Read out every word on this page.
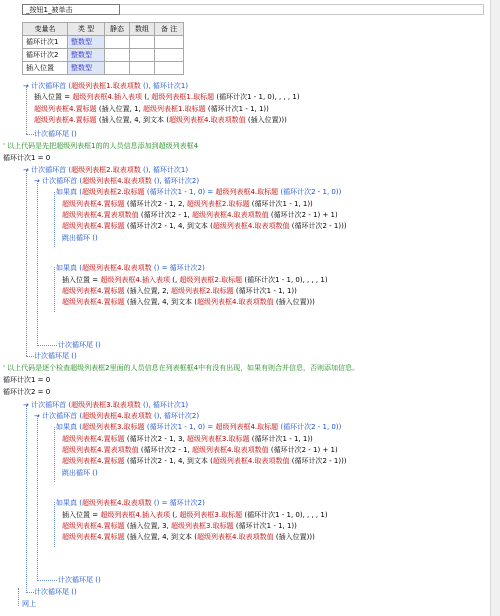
_按钮1_被单击
变量名	类 型	静态	数组	备 注
循环计次1	整数型			
循环计次2	整数型			
插入位置	整数型			
→ 计次循环首 (超级列表框1.取表项数 (), 循环计次1)
插入位置 = 超级列表框4.插入表项 (, 超级列表框1.取标题 (循环计次1 - 1, 0), , , , 1)
超级列表框4.置标题 (插入位置, 1, 超级列表框1.取标题 (循环计次1 - 1, 1))
超级列表框4.置标题 (插入位置, 4, 到文本 (超级列表框4.取表项数值 (插入位置)))
计次循环尾 ()
' 以上代码是先把超级列表框1的的人员信息添加到超级列表框4
循环计次1 = 0
→ 计次循环首 (超级列表框2.取表项数 (), 循环计次1)
→ 计次循环首 (超级列表框4.取表项数 (), 循环计次2)
如果真 (超级列表框2.取标题 (循环计次1 - 1, 0) = 超级列表框4.取标题 (循环计次2 - 1, 0))
超级列表框4.置标题 (循环计次2 - 1, 2, 超级列表框2.取标题 (循环计次1 - 1, 1))
超级列表框4.置表项数值 (循环计次2 - 1, 超级列表框4.取表项数值 (循环计次2 - 1) + 1)
超级列表框4.置标题 (循环计次2 - 1, 4, 到文本 (超级列表框4.取表项数值 (循环计次2 - 1)))
跳出循环 ()
如果真 (超级列表框4.取表项数 () = 循环计次2)
插入位置 = 超级列表框4.插入表项 (, 超级列表框2.取标题 (循环计次1 - 1, 0), , , , 1)
超级列表框4.置标题 (插入位置, 2, 超级列表框2.取标题 (循环计次1 - 1, 1))
超级列表框4.置标题 (插入位置, 4, 到文本 (超级列表框4.取表项数值 (插入位置)))
计次循环尾 ()
计次循环尾 ()
' 以上代码是逐个检查超级列表框2里面的人员信息在列表框框4中有没有出现，如果有则合并信息，否则添加信息。
循环计次1 = 0
循环计次2 = 0
→ 计次循环首 (超级列表框3.取表项数 (), 循环计次1)
→ 计次循环首 (超级列表框4.取表项数 (), 循环计次2)
如果真 (超级列表框3.取标题 (循环计次1 - 1, 0) = 超级列表框4.取标题 (循环计次2 - 1, 0))
超级列表框4.置标题 (循环计次2 - 1, 3, 超级列表框3.取标题 (循环计次1 - 1, 1))
超级列表框4.置表项数值 (循环计次2 - 1, 超级列表框4.取表项数值 (循环计次2 - 1) + 1)
超级列表框4.置标题 (循环计次2 - 1, 4, 到文本 (超级列表框4.取表项数值 (循环计次2 - 1)))
跳出循环 ()
如果真 (超级列表框4.取表项数 () = 循环计次2)
插入位置 = 超级列表框4.插入表项 (, 超级列表框3.取标题 (循环计次1 - 1, 0), , , , 1)
超级列表框4.置标题 (插入位置, 3, 超级列表框3.取标题 (循环计次1 - 1, 1))
超级列表框4.置标题 (插入位置, 4, 到文本 (超级列表框4.取表项数值 (插入位置)))
计次循环尾 ()
计次循环尾 ()
网上
